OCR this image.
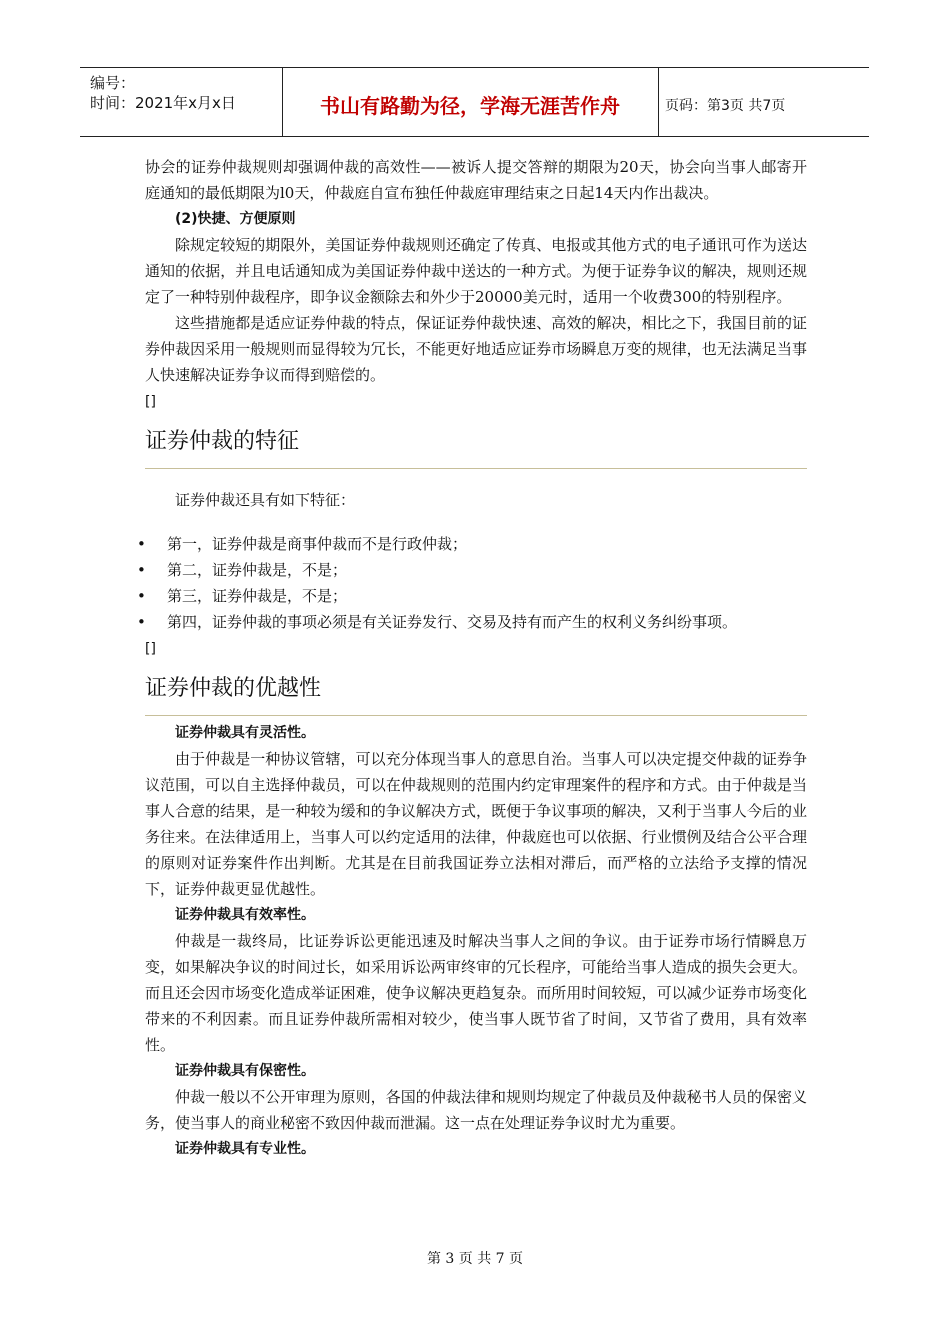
编号：
时间：2021年x月x日	书山有路勤为径，学海无涯苦作舟	页码：第3页 共7页

协会的证券仲裁规则却强调仲裁的高效性——被诉人提交答辩的期限为20天，协会向当事人邮寄开庭通知的最低期限为l0天，仲裁庭自宣布独任仲裁庭审理结束之日起14天内作出裁决。

(2)快捷、方便原则

除规定较短的期限外，美国证券仲裁规则还确定了传真、电报或其他方式的电子通讯可作为送达通知的依据，并且电话通知成为美国证券仲裁中送达的一种方式。为便于证券争议的解决，规则还规定了一种特别仲裁程序，即争议金额除去和外少于20000美元时，适用一个收费300的特别程序。

这些措施都是适应证券仲裁的特点，保证证券仲裁快速、高效的解决，相比之下，我国目前的证券仲裁因采用一般规则而显得较为冗长，不能更好地适应证券市场瞬息万变的规律，也无法满足当事人快速解决证券争议而得到赔偿的。

[]

证券仲裁的特征

证券仲裁还具有如下特征：

• 第一，证券仲裁是商事仲裁而不是行政仲裁；
• 第二，证券仲裁是，不是；
• 第三，证券仲裁是，不是；
• 第四，证券仲裁的事项必须是有关证券发行、交易及持有而产生的权利义务纠纷事项。

[]

证券仲裁的优越性

证券仲裁具有灵活性。

由于仲裁是一种协议管辖，可以充分体现当事人的意思自治。当事人可以决定提交仲裁的证券争议范围，可以自主选择仲裁员，可以在仲裁规则的范围内约定审理案件的程序和方式。由于仲裁是当事人合意的结果，是一种较为缓和的争议解决方式，既便于争议事项的解决，又利于当事人今后的业务往来。在法律适用上，当事人可以约定适用的法律，仲裁庭也可以依据、行业惯例及结合公平合理的原则对证券案件作出判断。尤其是在目前我国证券立法相对滞后，而严格的立法给予支撑的情况下，证券仲裁更显优越性。

证券仲裁具有效率性。

仲裁是一裁终局，比证券诉讼更能迅速及时解决当事人之间的争议。由于证券市场行情瞬息万变，如果解决争议的时间过长，如采用诉讼两审终审的冗长程序，可能给当事人造成的损失会更大。而且还会因市场变化造成举证困难，使争议解决更趋复杂。而所用时间较短，可以减少证券市场变化带来的不利因素。而且证券仲裁所需相对较少，使当事人既节省了时间，又节省了费用，具有效率性。

证券仲裁具有保密性。

仲裁一般以不公开审理为原则，各国的仲裁法律和规则均规定了仲裁员及仲裁秘书人员的保密义务，使当事人的商业秘密不致因仲裁而泄漏。这一点在处理证券争议时尤为重要。

证券仲裁具有专业性。

第 3 页 共 7 页
